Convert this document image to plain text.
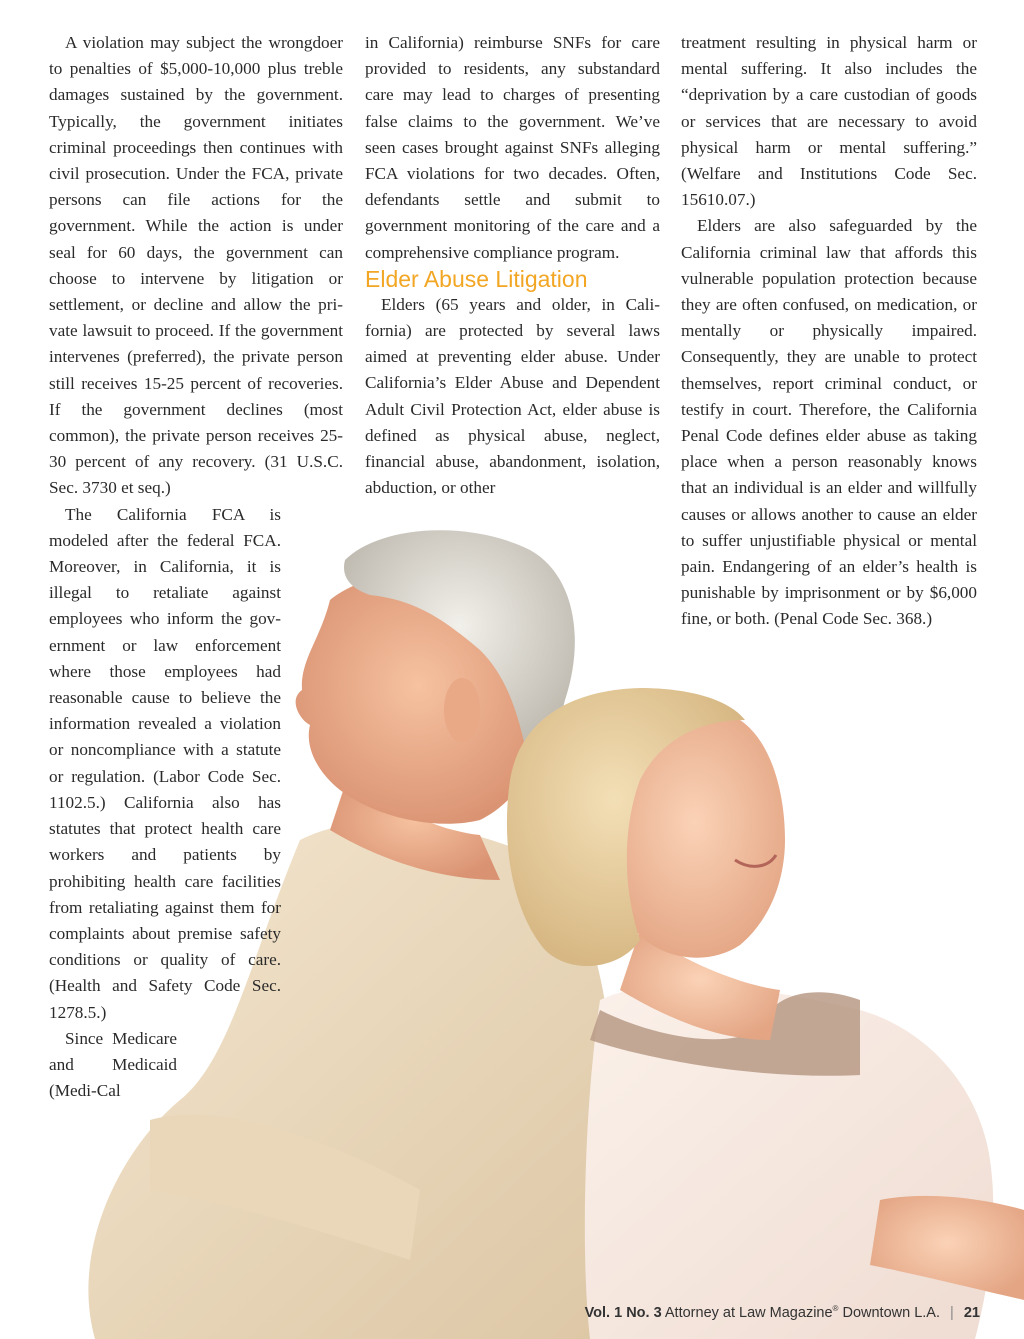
A violation may subject the wrongdoer to penalties of $5,000-10,000 plus treble damages sustained by the government. Typically, the government initiates criminal proceedings then continues with civil prosecution. Under the FCA, private persons can file actions for the government. While the action is under seal for 60 days, the government can choose to intervene by litigation or settlement, or decline and allow the private lawsuit to proceed. If the government intervenes (preferred), the private person still receives 15-25 percent of recoveries. If the government declines (most common), the private person receives 25-30 percent of any recovery. (31 U.S.C. Sec. 3730 et seq.)

The California FCA is modeled after the federal FCA. Moreover, in California, it is illegal to retaliate against employees who inform the government or law enforcement where those employees had reasonable cause to believe the information revealed a violation or noncompliance with a statute or regulation. (Labor Code Sec. 1102.5.) California also has statutes that protect health care workers and patients by prohibiting health care facilities from retaliating against them for complaints about premise safety conditions or quality of care. (Health and Safety Code Sec. 1278.5.)

Since Medicare and Medicaid (Medi-Cal

in California) reimburse SNFs for care provided to residents, any substandard care may lead to charges of presenting false claims to the government. We’ve seen cases brought against SNFs alleging FCA violations for two decades. Often, defendants settle and submit to government monitoring of the care and a comprehensive compliance program.

Elder Abuse Litigation

Elders (65 years and older, in California) are protected by several laws aimed at preventing elder abuse. Under California’s Elder Abuse and Dependent Adult Civil Protection Act, elder abuse is defined as physical abuse, neglect, financial abuse, abandonment, isolation, abduction, or other

treatment resulting in physical harm or mental suffering. It also includes the “deprivation by a care custodian of goods or services that are necessary to avoid physical harm or mental suffering.” (Welfare and Institutions Code Sec. 15610.07.)

Elders are also safeguarded by the California criminal law that affords this vulnerable population protection because they are often confused, on medication, or mentally or physically impaired. Consequently, they are unable to protect themselves, report criminal conduct, or testify in court. Therefore, the California Penal Code defines elder abuse as taking place when a person reasonably knows that an individual is an elder and willfully causes or allows another to cause an elder to suffer unjustifiable physical or mental pain. Endangering of an elder’s health is punishable by imprisonment or by $6,000 fine, or both. (Penal Code Sec. 368.)

Vol. 1 No. 3 Attorney at Law Magazine® Downtown L.A. | 21
